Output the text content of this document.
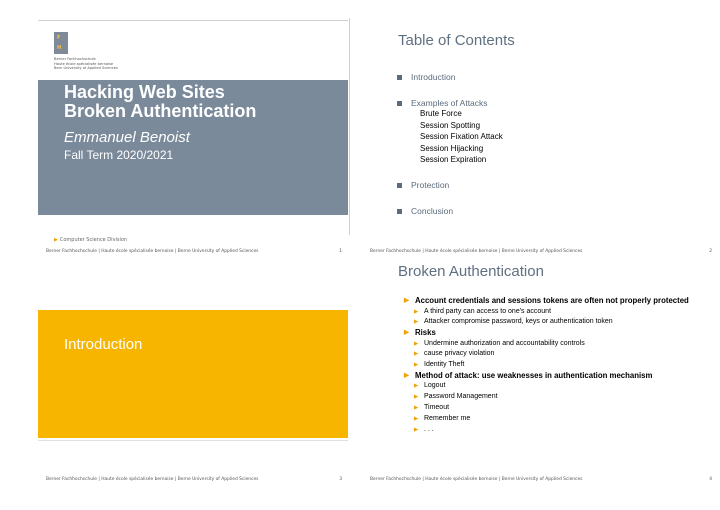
F
H
Berner Fachhochschule
Haute école spécialisée bernoise
Bern University of Applied Sciences
Hacking Web Sites
Broken Authentication
Emmanuel Benoist
Fall Term 2020/2021
▶ Computer Science Division
Berner Fachhochschule | Haute école spécialisée bernoise | Berne University of Applied Sciences	1
Table of Contents
Introduction
Examples of Attacks
Brute Force
Session Spotting
Session Fixation Attack
Session Hijacking
Session Expiration
Protection
Conclusion
Berner Fachhochschule | Haute école spécialisée bernoise | Berne University of Applied Sciences	2
Introduction
Berner Fachhochschule | Haute école spécialisée bernoise | Berne University of Applied Sciences	3
Broken Authentication
▶ Account credentials and sessions tokens are often not properly protected
▶ A third party can access to one's account
▶ Attacker compromise password, keys or authentication token
▶ Risks
▶ Undermine authorization and accountability controls
▶ cause privacy violation
▶ Identity Theft
▶ Method of attack: use weaknesses in authentication mechanism
▶ Logout
▶ Password Management
▶ Timeout
▶ Remember me
▶ . . .
Berner Fachhochschule | Haute école spécialisée bernoise | Berne University of Applied Sciences	4
